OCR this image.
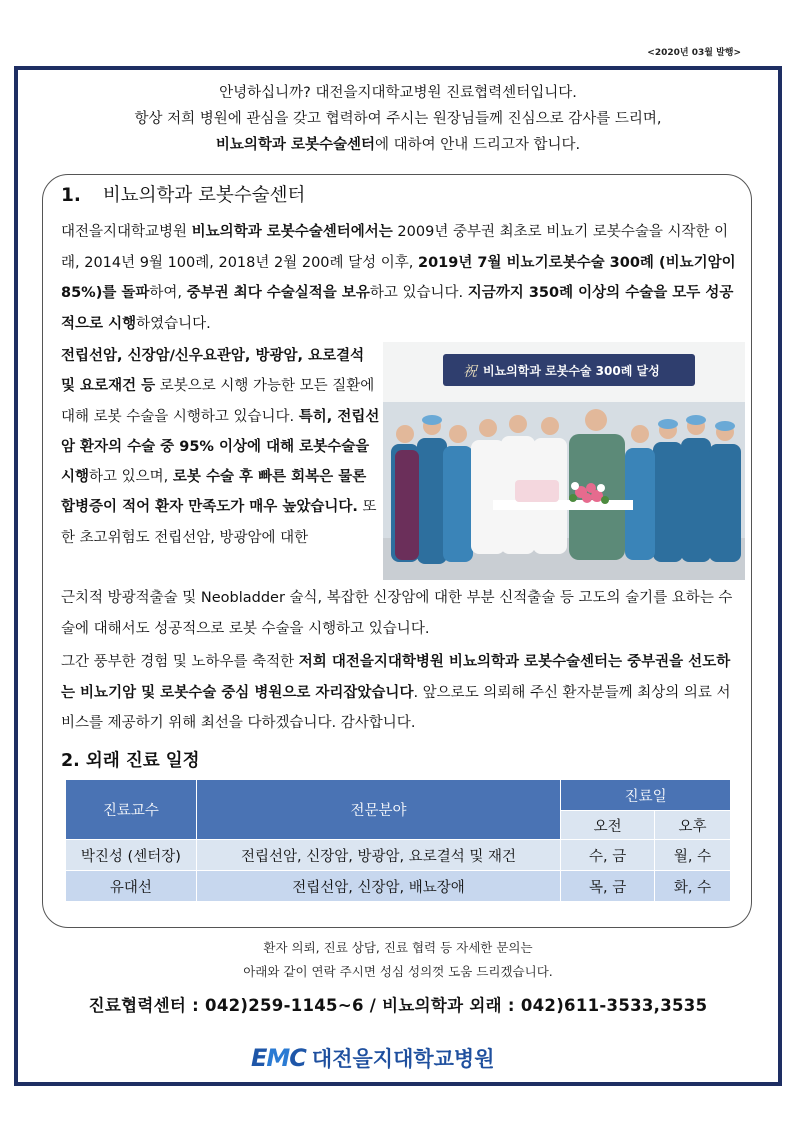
<2020년 03월 발행>
안녕하십니까? 대전을지대학교병원 진료협력센터입니다.
항상 저희 병원에 관심을 갖고 협력하여 주시는 원장님들께 진심으로 감사를 드리며,
비뇨의학과 로봇수술센터에 대하여 안내 드리고자 합니다.
1. 비뇨의학과 로봇수술센터

대전을지대학교병원 비뇨의학과 로봇수술센터에서는 2009년 중부권 최초로 비뇨기 로봇수술을 시작한 이래, 2014년 9월 100례, 2018년 2월 200례 달성 이후, 2019년 7월 비뇨기로봇수술 300례 (비뇨기암이 85%)를 돌파하여, 중부권 최다 수술실적을 보유하고 있습니다. 지금까지 350례 이상의 수술을 모두 성공적으로 시행하였습니다.

전립선암, 신장암/신우요관암, 방광암, 요로결석 및 요로재건 등 로봇으로 시행 가능한 모든 질환에 대해 로봇 수술을 시행하고 있습니다. 특히, 전립선암 환자의 수술 중 95% 이상에 대해 로봇수술을 시행하고 있으며, 로봇 수술 후 빠른 회복은 물론 합병증이 적어 환자 만족도가 매우 높았습니다. 또한 초고위험도 전립선암, 방광암에 대한

祝 비뇨의학과 로봇수술 300례 달성

근치적 방광적출술 및 Neobladder 술식, 복잡한 신장암에 대한 부분 신적출술 등 고도의 술기를 요하는 수술에 대해서도 성공적으로 로봇 수술을 시행하고 있습니다.

그간 풍부한 경험 및 노하우를 축적한 저희 대전을지대학병원 비뇨의학과 로봇수술센터는 중부권을 선도하는 비뇨기암 및 로봇수술 중심 병원으로 자리잡았습니다. 앞으로도 의뢰해 주신 환자분들께 최상의 의료 서비스를 제공하기 위해 최선을 다하겠습니다. 감사합니다.

2. 외래 진료 일정
진료교수	전문분야	진료일	
		오전	오후
박진성 (센터장)	전립선암, 신장암, 방광암, 요로결석 및 재건	수, 금	월, 수
유대선	전립선암, 신장암, 배뇨장애	목, 금	화, 수
환자 의뢰, 진료 상담, 진료 협력 등 자세한 문의는
아래와 같이 연락 주시면 성심 성의껏 도움 드리겠습니다.
진료협력센터 : 042)259-1145~6 / 비뇨의학과 외래 : 042)611-3533,3535
EMC 대전을지대학교병원
